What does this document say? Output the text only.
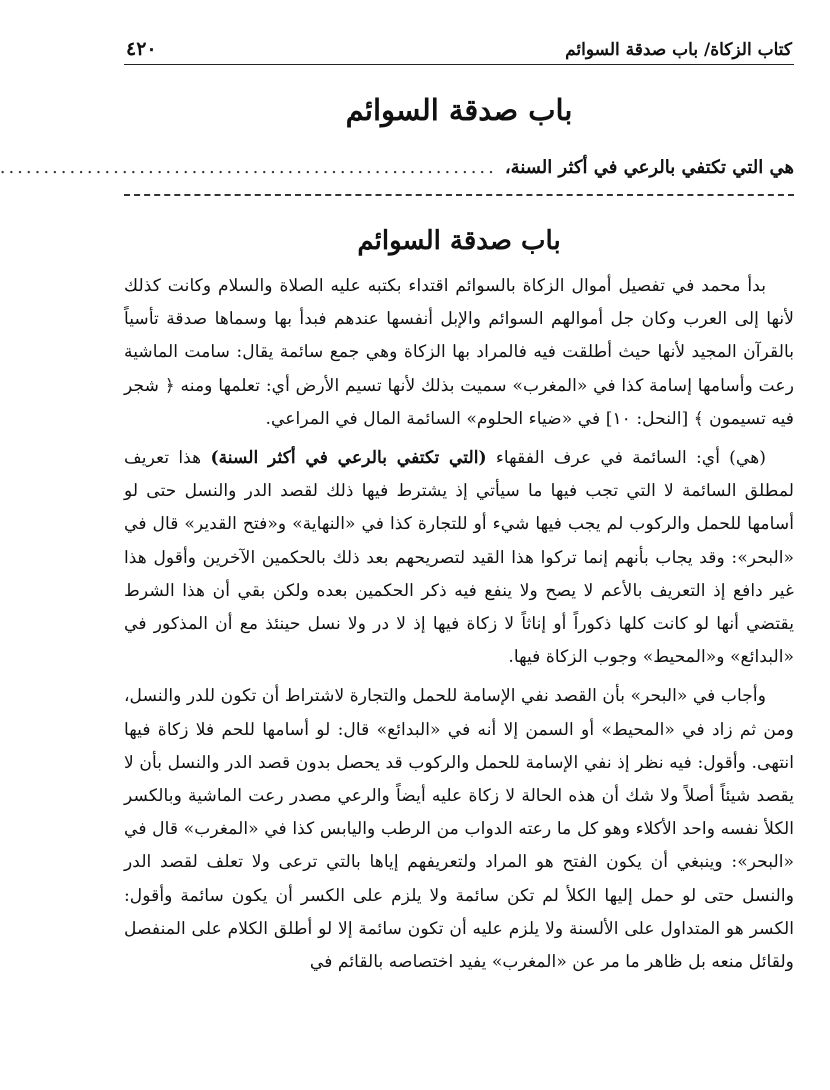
كتاب الزكاة/ باب صدقة السوائم
٤٢٠
باب صدقة السوائم
هي التي تكتفي بالرعي في أكثر السنة،
.........................................................
باب صدقة السوائم

بدأ محمد في تفصيل أموال الزكاة بالسوائم اقتداء بكتبه عليه الصلاة والسلام وكانت كذلك لأنها إلى العرب وكان جل أموالهم السوائم والإبل أنفسها عندهم فبدأ بها وسماها صدقة تأسياً بالقرآن المجيد لأنها حيث أطلقت فيه فالمراد بها الزكاة وهي جمع سائمة يقال: سامت الماشية رعت وأسامها إسامة كذا في «المغرب» سميت بذلك لأنها تسيم الأرض أي: تعلمها ومنه ﴿ شجر فيه تسيمون ﴾ [النحل: ١٠] في «ضياء الحلوم» السائمة المال في المراعي.

(هي) أي: السائمة في عرف الفقهاء (التي تكتفي بالرعي في أكثر السنة) هذا تعريف لمطلق السائمة لا التي تجب فيها ما سيأتي إذ يشترط فيها ذلك لقصد الدر والنسل حتى لو أسامها للحمل والركوب لم يجب فيها شيء أو للتجارة كذا في «النهاية» و«فتح القدير» قال في «البحر»: وقد يجاب بأنهم إنما تركوا هذا القيد لتصريحهم بعد ذلك بالحكمين الآخرين وأقول هذا غير دافع إذ التعريف بالأعم لا يصح ولا ينفع فيه ذكر الحكمين بعده ولكن بقي أن هذا الشرط يقتضي أنها لو كانت كلها ذكوراً أو إناثاً لا زكاة فيها إذ لا در ولا نسل حينئذ مع أن المذكور في «البدائع» و«المحيط» وجوب الزكاة فيها.

وأجاب في «البحر» بأن القصد نفي الإسامة للحمل والتجارة لاشتراط أن تكون للدر والنسل، ومن ثم زاد في «المحيط» أو السمن إلا أنه في «البدائع» قال: لو أسامها للحم فلا زكاة فيها انتهى. وأقول: فيه نظر إذ نفي الإسامة للحمل والركوب قد يحصل بدون قصد الدر والنسل بأن لا يقصد شيئاً أصلاً ولا شك أن هذه الحالة لا زكاة عليه أيضاً والرعي مصدر رعت الماشية وبالكسر الكلأ نفسه واحد الأكلاء وهو كل ما رعته الدواب من الرطب واليابس كذا في «المغرب» قال في «البحر»: وينبغي أن يكون الفتح هو المراد ولتعريفهم إياها بالتي ترعى ولا تعلف لقصد الدر والنسل حتى لو حمل إليها الكلأ لم تكن سائمة ولا يلزم على الكسر أن يكون سائمة وأقول: الكسر هو المتداول على الألسنة ولا يلزم عليه أن تكون سائمة إلا لو أطلق الكلام على المنفصل ولقائل منعه بل ظاهر ما مر عن «المغرب» يفيد اختصاصه بالقائم في
